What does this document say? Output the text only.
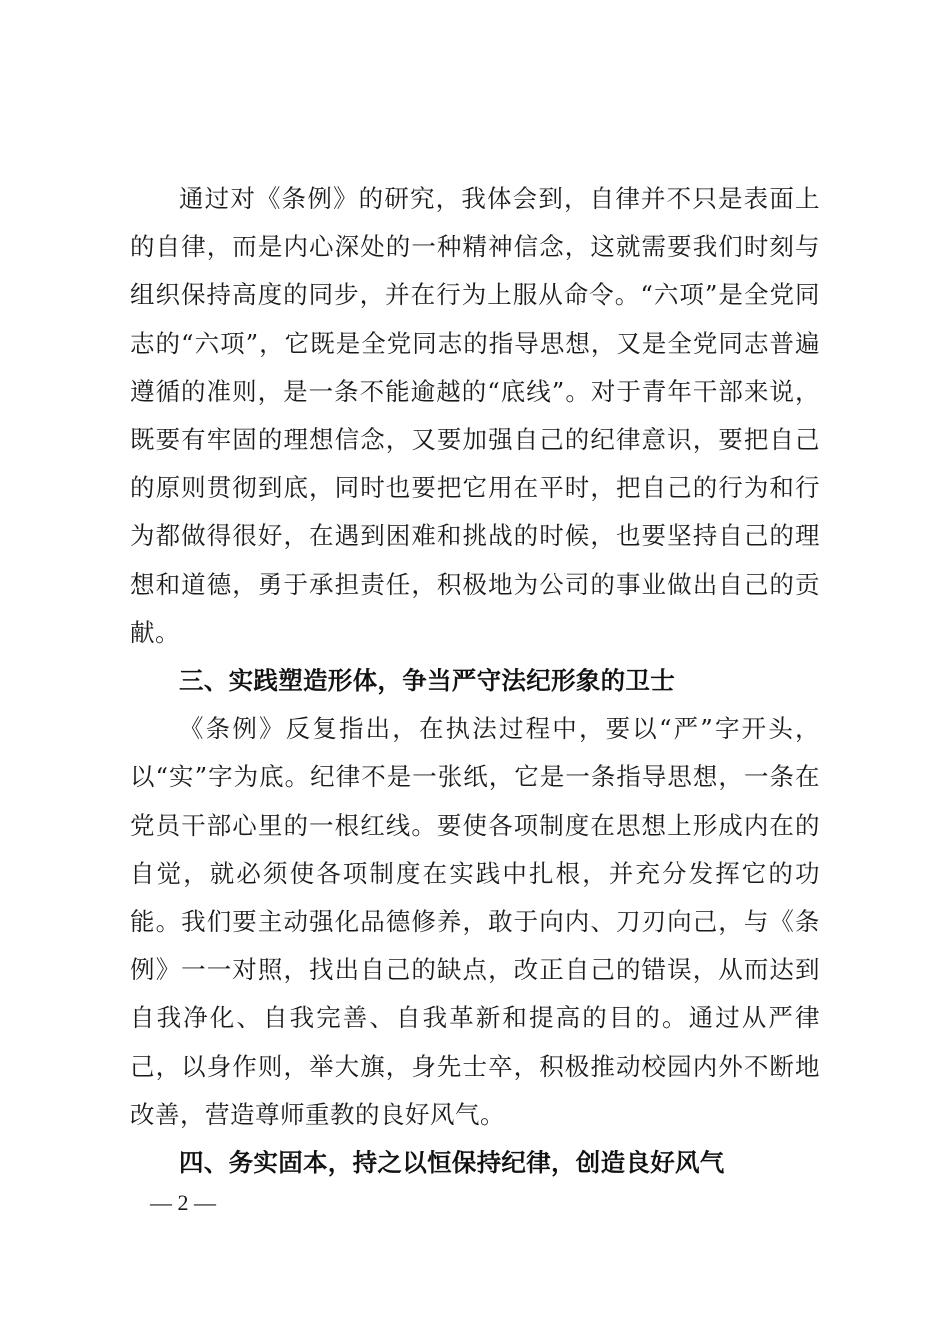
通过对《条例》的研究，我体会到，自律并不只是表面上的自律，而是内心深处的一种精神信念，这就需要我们时刻与组织保持高度的同步，并在行为上服从命令。“六项”是全党同志的“六项”，它既是全党同志的指导思想，又是全党同志普遍遵循的准则，是一条不能逾越的“底线”。对于青年干部来说，既要有牢固的理想信念，又要加强自己的纪律意识，要把自己的原则贯彻到底，同时也要把它用在平时，把自己的行为和行为都做得很好，在遇到困难和挑战的时候，也要坚持自己的理想和道德，勇于承担责任，积极地为公司的事业做出自己的贡献。

三、实践塑造形体，争当严守法纪形象的卫士

《条例》反复指出，在执法过程中，要以“严”字开头，以“实”字为底。纪律不是一张纸，它是一条指导思想，一条在党员干部心里的一根红线。要使各项制度在思想上形成内在的自觉，就必须使各项制度在实践中扎根，并充分发挥它的功能。我们要主动强化品德修养，敢于向内、刀刃向己，与《条例》一一对照，找出自己的缺点，改正自己的错误，从而达到自我净化、自我完善、自我革新和提高的目的。通过从严律己，以身作则，举大旗，身先士卒，积极推动校园内外不断地改善，营造尊师重教的良好风气。

四、务实固本，持之以恒保持纪律，创造良好风气

— 2 —
